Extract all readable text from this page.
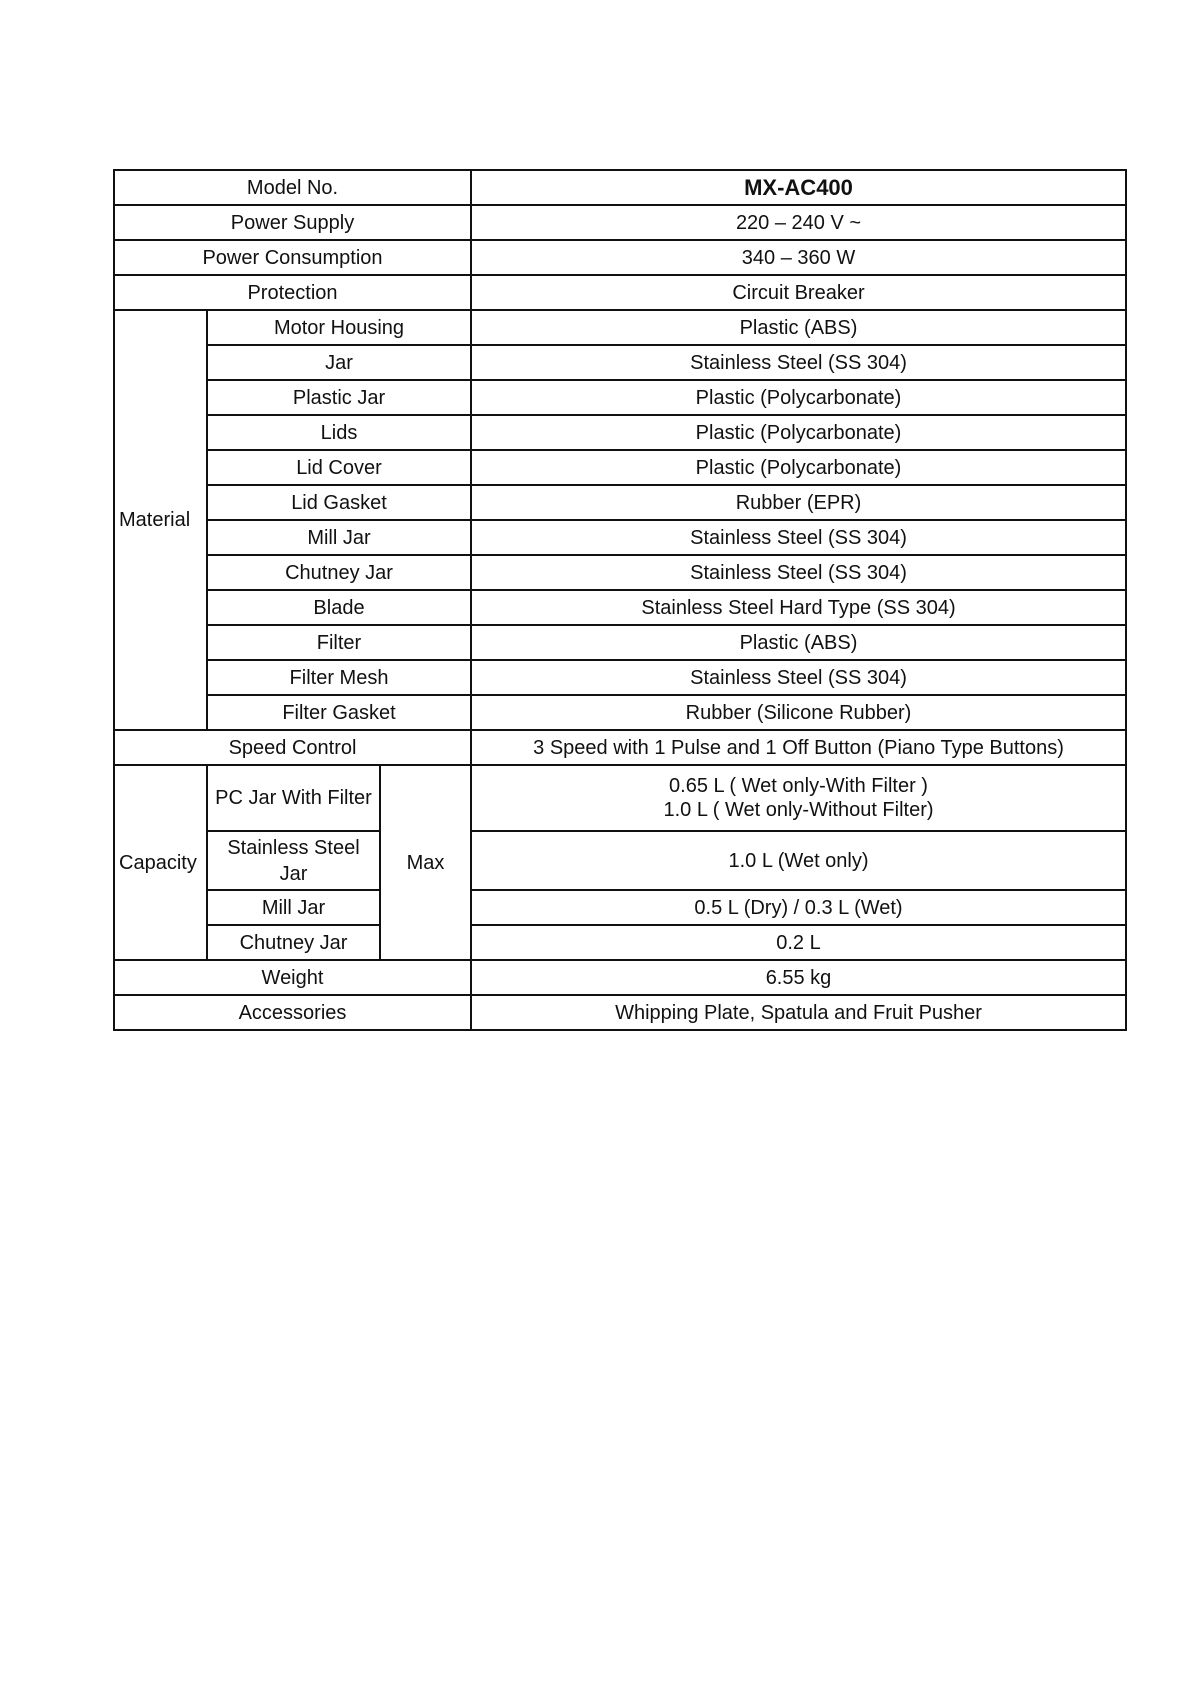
Model No.			MX-AC400
Power Supply			220 – 240 V ~
Power Consumption			340 – 360 W
Protection			Circuit Breaker
Material	Motor Housing		Plastic (ABS)
	Jar		Stainless Steel (SS 304)
	Plastic Jar		Plastic (Polycarbonate)
	Lids		Plastic (Polycarbonate)
	Lid Cover		Plastic (Polycarbonate)
	Lid Gasket		Rubber (EPR)
	Mill Jar		Stainless Steel (SS 304)
	Chutney Jar		Stainless Steel (SS 304)
	Blade		Stainless Steel Hard Type (SS 304)
	Filter		Plastic (ABS)
	Filter Mesh		Stainless Steel (SS 304)
	Filter Gasket		Rubber (Silicone Rubber)
Speed Control			3 Speed with 1 Pulse and 1 Off Button (Piano Type Buttons)
Capacity	PC Jar With Filter	Max	0.65 L ( Wet only-With Filter )
1.0 L ( Wet only-Without Filter)

	Stainless Steel Jar		1.0 L (Wet only)

	Mill Jar		0.5 L (Dry) / 0.3 L (Wet)

	Chutney Jar		0.2 L

Weight			6.55 kg
Accessories			Whipping Plate, Spatula and Fruit Pusher
